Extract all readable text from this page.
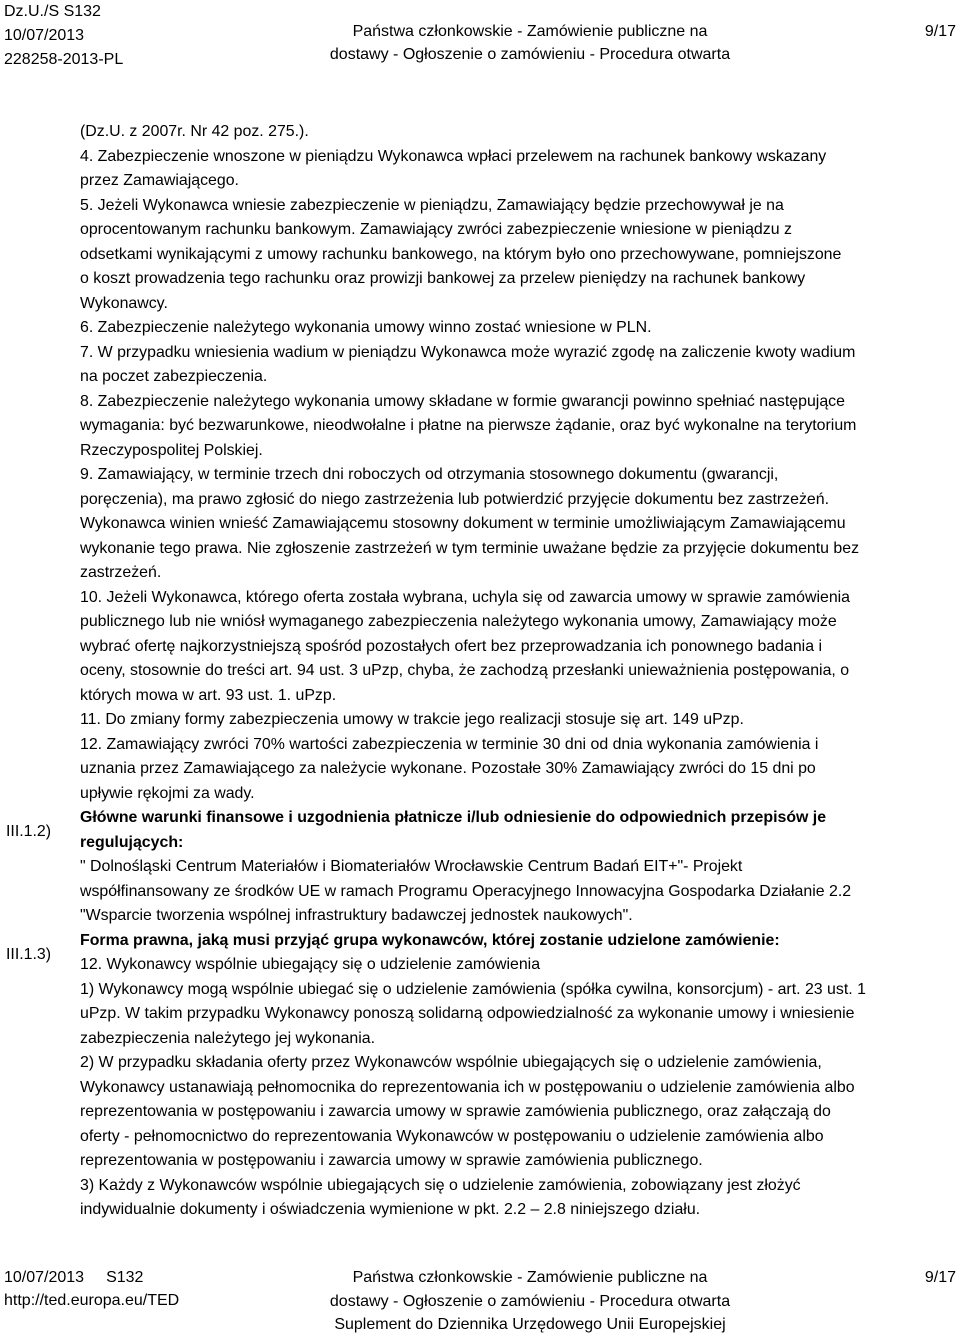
Dz.U./S S132
10/07/2013
228258-2013-PL
Państwa członkowskie - Zamówienie publiczne na
dostawy - Ogłoszenie o zamówieniu - Procedura otwarta
9/17
(Dz.U. z 2007r. Nr 42 poz. 275.).
4. Zabezpieczenie wnoszone w pieniądzu Wykonawca wpłaci przelewem na rachunek bankowy wskazany
przez Zamawiającego.
5. Jeżeli Wykonawca wniesie zabezpieczenie w pieniądzu, Zamawiający będzie przechowywał je na
oprocentowanym rachunku bankowym. Zamawiający zwróci zabezpieczenie wniesione w pieniądzu z
odsetkami wynikającymi z umowy rachunku bankowego, na którym było ono przechowywane, pomniejszone
o koszt prowadzenia tego rachunku oraz prowizji bankowej za przelew pieniędzy na rachunek bankowy
Wykonawcy.
6. Zabezpieczenie należytego wykonania umowy winno zostać wniesione w PLN.
7. W przypadku wniesienia wadium w pieniądzu Wykonawca może wyrazić zgodę na zaliczenie kwoty wadium
na poczet zabezpieczenia.
8. Zabezpieczenie należytego wykonania umowy składane w formie gwarancji powinno spełniać następujące
wymagania: być bezwarunkowe, nieodwołalne i płatne na pierwsze żądanie, oraz być wykonalne na terytorium
Rzeczypospolitej Polskiej.
9. Zamawiający, w terminie trzech dni roboczych od otrzymania stosownego dokumentu (gwarancji,
poręczenia), ma prawo zgłosić do niego zastrzeżenia lub potwierdzić przyjęcie dokumentu bez zastrzeżeń.
Wykonawca winien wnieść Zamawiającemu stosowny dokument w terminie umożliwiającym Zamawiającemu
wykonanie tego prawa. Nie zgłoszenie zastrzeżeń w tym terminie uważane będzie za przyjęcie dokumentu bez
zastrzeżeń.
10. Jeżeli Wykonawca, którego oferta została wybrana, uchyla się od zawarcia umowy w sprawie zamówienia
publicznego lub nie wniósł wymaganego zabezpieczenia należytego wykonania umowy, Zamawiający może
wybrać ofertę najkorzystniejszą spośród pozostałych ofert bez przeprowadzania ich ponownego badania i
oceny, stosownie do treści art. 94 ust. 3 uPzp, chyba, że zachodzą przesłanki unieważnienia postępowania, o
których mowa w art. 93 ust. 1. uPzp.
11. Do zmiany formy zabezpieczenia umowy w trakcie jego realizacji stosuje się art. 149 uPzp.
12. Zamawiający zwróci 70% wartości zabezpieczenia w terminie 30 dni od dnia wykonania zamówienia i
uznania przez Zamawiającego za należycie wykonane. Pozostałe 30% Zamawiający zwróci do 15 dni po
upływie rękojmi za wady.

Główne warunki finansowe i uzgodnienia płatnicze i/lub odniesienie do odpowiednich przepisów je
regulujących:

" Dolnośląski Centrum Materiałów i Biomateriałów Wrocławskie Centrum Badań EIT+"- Projekt
współfinansowany ze środków UE w ramach Programu Operacyjnego Innowacyjna Gospodarka Działanie 2.2
"Wsparcie tworzenia wspólnej infrastruktury badawczej jednostek naukowych".

Forma prawna, jaką musi przyjąć grupa wykonawców, której zostanie udzielone zamówienie:

12. Wykonawcy wspólnie ubiegający się o udzielenie zamówienia
1) Wykonawcy mogą wspólnie ubiegać się o udzielenie zamówienia (spółka cywilna, konsorcjum) - art. 23 ust. 1
uPzp. W takim przypadku Wykonawcy ponoszą solidarną odpowiedzialność za wykonanie umowy i wniesienie
zabezpieczenia należytego jej wykonania.
2) W przypadku składania oferty przez Wykonawców wspólnie ubiegających się o udzielenie zamówienia,
Wykonawcy ustanawiają pełnomocnika do reprezentowania ich w postępowaniu o udzielenie zamówienia albo
reprezentowania w postępowaniu i zawarcia umowy w sprawie zamówienia publicznego, oraz załączają do
oferty - pełnomocnictwo do reprezentowania Wykonawców w postępowaniu o udzielenie zamówienia albo
reprezentowania w postępowaniu i zawarcia umowy w sprawie zamówienia publicznego.
3) Każdy z Wykonawców wspólnie ubiegających się o udzielenie zamówienia, zobowiązany jest złożyć
indywidualnie dokumenty i oświadczenia wymienione w pkt. 2.2 – 2.8 niniejszego działu.
III.1.2)
III.1.3)
10/07/2013 S132
http://ted.europa.eu/TED
Państwa członkowskie - Zamówienie publiczne na
dostawy - Ogłoszenie o zamówieniu - Procedura otwarta
Suplement do Dziennika Urzędowego Unii Europejskiej
9/17
